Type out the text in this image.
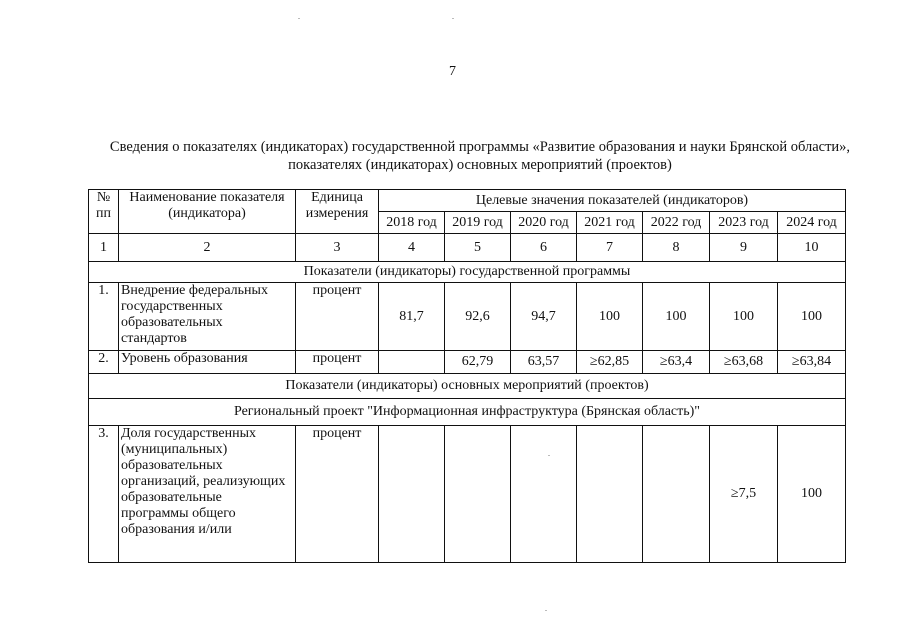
7
Сведения о показателях (индикаторах) государственной программы «Развитие образования и науки Брянской области», показателях (индикаторах) основных мероприятий (проектов)
№ пп	Наименование показателя (индикатора)	Единица измерения	Целевые значения показателей (индикаторов)						
			2018 год	2019 год	2020 год	2021 год	2022 год	2023 год	2024 год
1	2	3	4	5	6	7	8	9	10
Показатели (индикаторы) государственной программы									
1.	Внедрение федеральных государственных образовательных стандартов	процент	81,7	92,6	94,7	100	100	100	100
2.	Уровень образования	процент		62,79	63,57	≥62,85	≥63,4	≥63,68	≥63,84
Показатели (индикаторы) основных мероприятий (проектов)									
Региональный проект "Информационная инфраструктура (Брянская область)"									
3.	Доля государственных (муниципальных) образовательных организаций, реализующих образовательные программы общего образования и/или	процент						≥7,5	100
